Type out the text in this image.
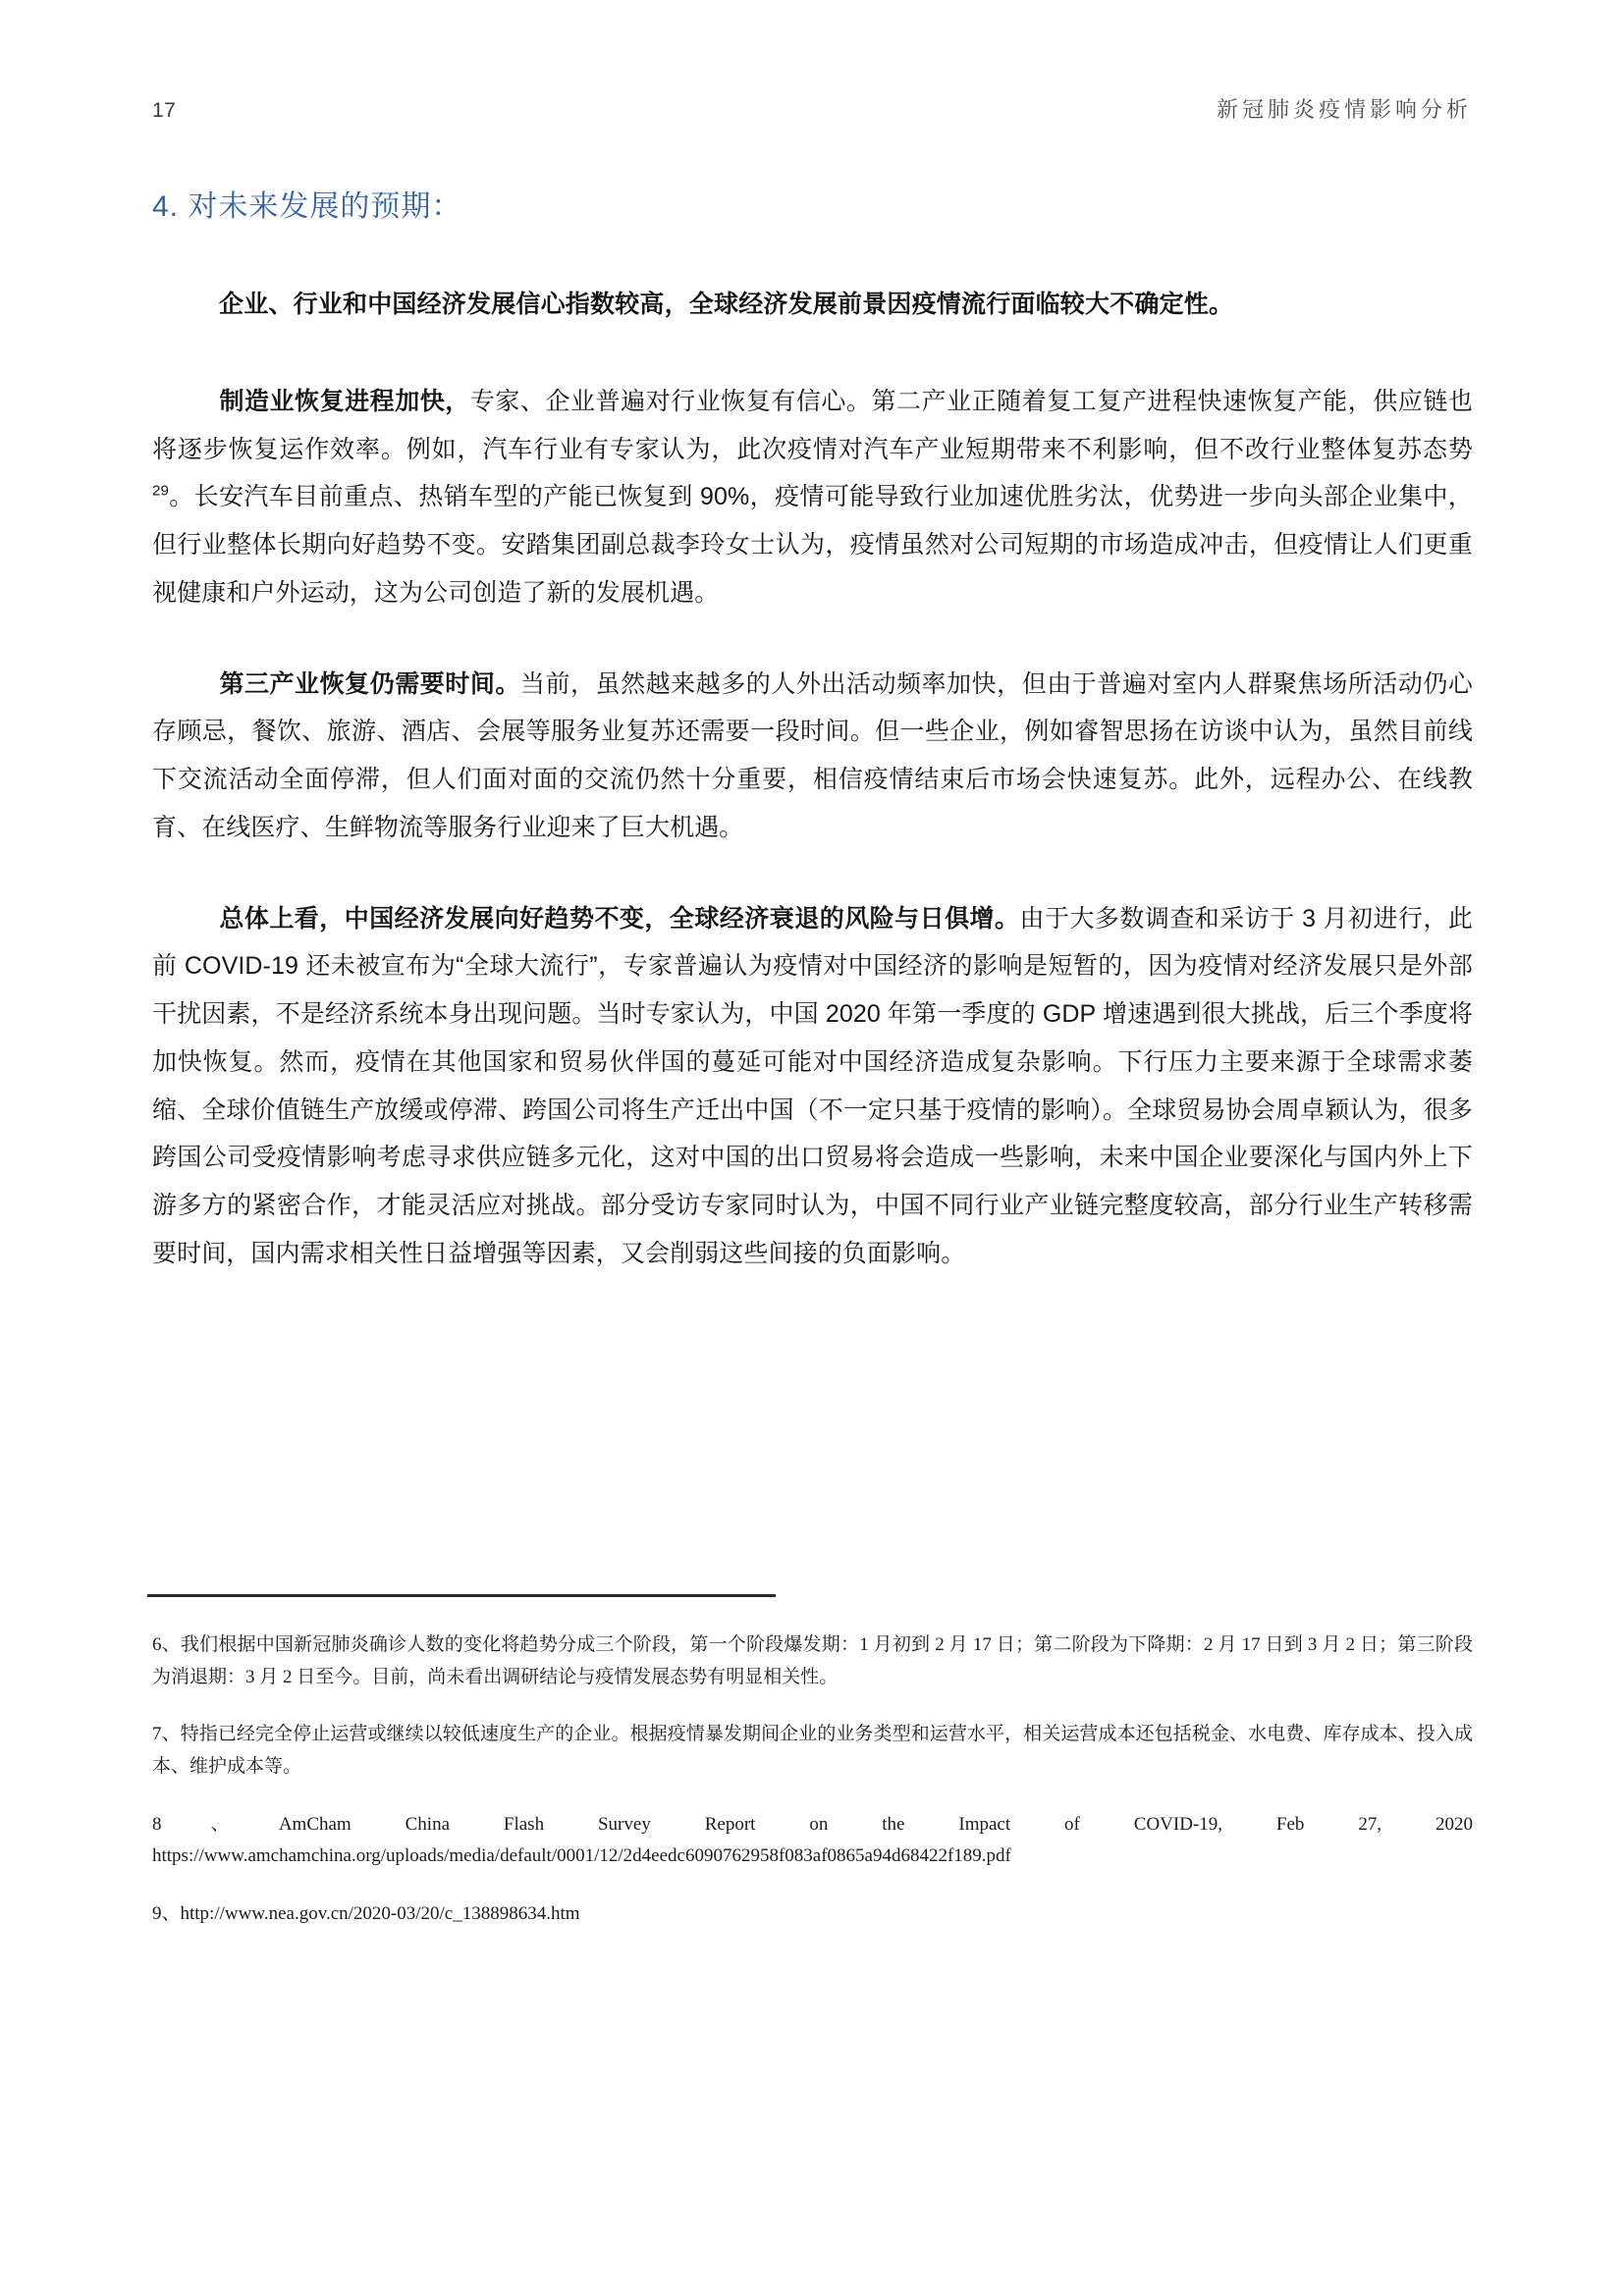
17	新冠肺炎疫情影响分析
4. 对未来发展的预期：

企业、行业和中国经济发展信心指数较高，全球经济发展前景因疫情流行面临较大不确定性。

制造业恢复进程加快，专家、企业普遍对行业恢复有信心。第二产业正随着复工复产进程快速恢复产能，供应链也将逐步恢复运作效率。例如，汽车行业有专家认为，此次疫情对汽车产业短期带来不利影响，但不改行业整体复苏态势$^{29}$。长安汽车目前重点、热销车型的产能已恢复到 90%，疫情可能导致行业加速优胜劣汰，优势进一步向头部企业集中，但行业整体长期向好趋势不变。安踏集团副总裁李玲女士认为，疫情虽然对公司短期的市场造成冲击，但疫情让人们更重视健康和户外运动，这为公司创造了新的发展机遇。

第三产业恢复仍需要时间。当前，虽然越来越多的人外出活动频率加快，但由于普遍对室内人群聚焦场所活动仍心存顾忌，餐饮、旅游、酒店、会展等服务业复苏还需要一段时间。但一些企业，例如睿智思扬在访谈中认为，虽然目前线下交流活动全面停滞，但人们面对面的交流仍然十分重要，相信疫情结束后市场会快速复苏。此外，远程办公、在线教育、在线医疗、生鲜物流等服务行业迎来了巨大机遇。

总体上看，中国经济发展向好趋势不变，全球经济衰退的风险与日俱增。由于大多数调查和采访于 3 月初进行，此前 COVID-19 还未被宣布为“全球大流行”，专家普遍认为疫情对中国经济的影响是短暂的，因为疫情对经济发展只是外部干扰因素，不是经济系统本身出现问题。当时专家认为，中国 2020 年第一季度的 GDP 增速遇到很大挑战，后三个季度将加快恢复。然而，疫情在其他国家和贸易伙伴国的蔓延可能对中国经济造成复杂影响。下行压力主要来源于全球需求萎缩、全球价值链生产放缓或停滞、跨国公司将生产迁出中国（不一定只基于疫情的影响）。全球贸易协会周卓颖认为，很多跨国公司受疫情影响考虑寻求供应链多元化，这对中国的出口贸易将会造成一些影响，未来中国企业要深化与国内外上下游多方的紧密合作，才能灵活应对挑战。部分受访专家同时认为，中国不同行业产业链完整度较高，部分行业生产转移需要时间，国内需求相关性日益增强等因素，又会削弱这些间接的负面影响。

6、我们根据中国新冠肺炎确诊人数的变化将趋势分成三个阶段，第一个阶段爆发期：1 月初到 2 月 17 日；第二阶段为下降期：2 月 17 日到 3 月 2 日；第三阶段为消退期：3 月 2 日至今。目前，尚未看出调研结论与疫情发展态势有明显相关性。

7、特指已经完全停止运营或继续以较低速度生产的企业。根据疫情暴发期间企业的业务类型和运营水平，相关运营成本还包括税金、水电费、库存成本、投入成本、维护成本等。

8、AmCham China Flash Survey Report on the Impact of COVID-19, Feb 27, 2020 https://www.amchamchina.org/uploads/media/default/0001/12/2d4eedc6090762958f083af0865a94d68422f189.pdf

9、http://www.nea.gov.cn/2020-03/20/c_138898634.htm
